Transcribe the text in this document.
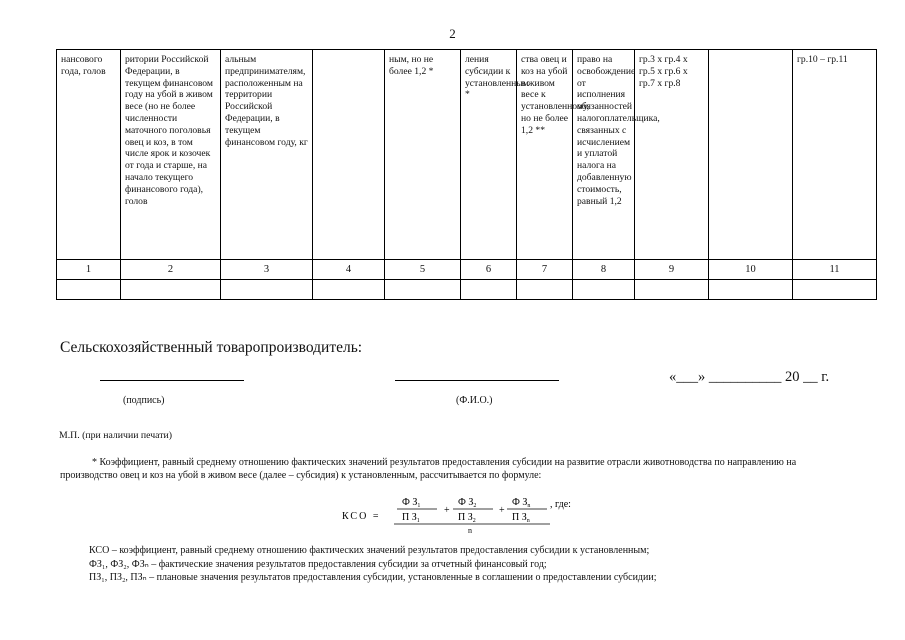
2
нансового года, голов	ритории Российской Федерации, в текущем финансовом году на убой в живом весе (но не более численности маточного поголовья овец и коз, в том числе ярок и козочек от года и старше, на начало текущего финансового года), голов	альным предпринимателям, расположенным на территории Российской Федерации, в текущем финансовом году, кг		ным, но не более 1,2 *	ления субсидии к установленным *	ства овец и коз на убой в живом весе к установленному, но не более 1,2 **	право на освобождение от исполнения обязанностей налогоплательщика, связанных с исчислением и уплатой налога на добавленную стоимость, равный 1,2	гр.3 х гр.4 х гр.5 х гр.6 х гр.7 х гр.8		гр.10 – гр.11
1	2	3	4	5	6	7	8	9	10	11

Сельскохозяйственный товаропроизводитель:
«___» __________ 20 __ г.
(подпись)	(Ф.И.О.)
М.П. (при наличии печати)
* Коэффициент, равный среднему отношению фактических значений результатов предоставления субсидии на развитие отрасли животноводства по направлению на производство овец и коз на убой в живом весе (далее – субсидия) к установленным, рассчитывается по формуле:
КСО =
Ф $З_1$
П $З_1$
+
Ф $З_2$
П $З_2$
+
Ф $З_n$
П $З_n$
n
, где:
КСО – коэффициент, равный среднему отношению фактических значений результатов предоставления субсидии к установленным;
ФЗ₁, ФЗ₂, ФЗₙ – фактические значения результатов предоставления субсидии за отчетный финансовый год;
ПЗ₁, ПЗ₂, ПЗₙ – плановые значения результатов предоставления субсидии, установленные в соглашении о предоставлении субсидии;
